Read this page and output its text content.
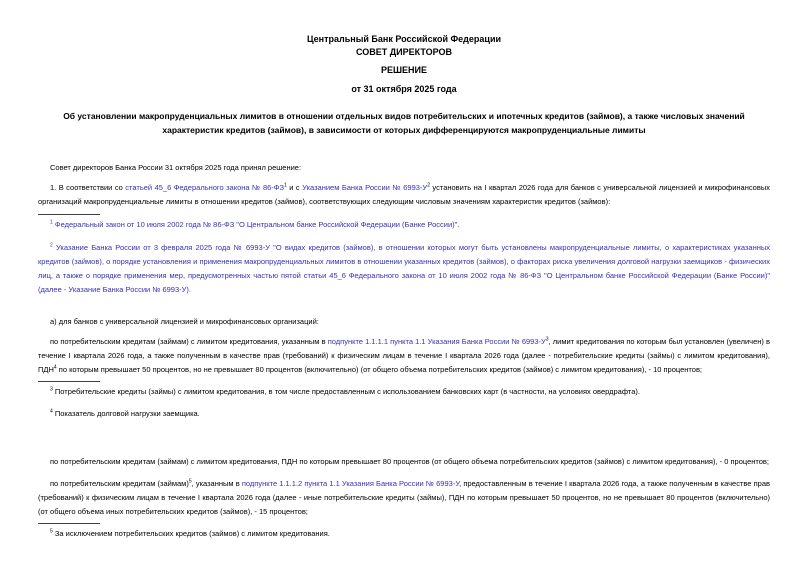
Центральный Банк Российской Федерации
СОВЕТ ДИРЕКТОРОВ
РЕШЕНИЕ
от 31 октября 2025 года
Об установлении макропруденциальных лимитов в отношении отдельных видов потребительских и ипотечных кредитов (займов), а также числовых значений характеристик кредитов (займов), в зависимости от которых дифференцируются макропруденциальные лимиты

Совет директоров Банка России 31 октября 2025 года принял решение:

1. В соответствии со статьей 45_6 Федерального закона № $86-ФЗ^1$ и с Указанием Банка России № $6993-У^2$ установить на I квартал 2026 года для банков с универсальной лицензией и микрофинансовых организаций макропруденциальные лимиты в отношении кредитов (займов), соответствующих следующим числовым значениям характеристик кредитов (займов):

$^1$ Федеральный закон от 10 июля 2002 года № 86-ФЗ "О Центральном банке Российской Федерации (Банке России)".

$^2$ Указание Банка России от 3 февраля 2025 года № 6993-У "О видах кредитов (займов), в отношении которых могут быть установлены макропруденциальные лимиты, о характеристиках указанных кредитов (займов), о порядке установления и применения макропруденциальных лимитов в отношении указанных кредитов (займов), о факторах риска увеличения долговой нагрузки заемщиков - физических лиц, а также о порядке применения мер, предусмотренных частью пятой статьи 45_6 Федерального закона от 10 июля 2002 года № 86-ФЗ "О Центральном банке Российской Федерации (Банке России)"(далее - Указание Банка России № 6993-У).

а) для банков с универсальной лицензией и микрофинансовых организаций:

по потребительским кредитам (займам) с лимитом кредитования, указанным в подпункте 1.1.1.1 пункта 1.1 Указания Банка России № $6993-У^3$, лимит кредитования по которым был установлен (увеличен) в течение I квартала 2026 года, а также полученным в качестве прав (требований) к физическим лицам в течение I квартала 2026 года (далее - потребительские кредиты (займы) с лимитом кредитования), ПДН$^4$ по которым превышает 50 процентов, но не превышает 80 процентов (включительно) (от общего объема потребительских кредитов (займов) с лимитом кредитования), - 10 процентов;

$^3$ Потребительские кредиты (займы) с лимитом кредитования, в том числе предоставленным с использованием банковских карт (в частности, на условиях овердрафта).

$^4$ Показатель долговой нагрузки заемщика.

по потребительским кредитам (займам) с лимитом кредитования, ПДН по которым превышает 80 процентов (от общего объема потребительских кредитов (займов) с лимитом кредитования), - 0 процентов;

по потребительским кредитам (займам)$^5$, указанным в подпункте 1.1.1.2 пункта 1.1 Указания Банка России № 6993-У, предоставленным в течение I квартала 2026 года, а также полученным в качестве прав (требований) к физическим лицам в течение I квартала 2026 года (далее - иные потребительские кредиты (займы), ПДН по которым превышает 50 процентов, но не превышает 80 процентов (включительно) (от общего объема иных потребительских кредитов (займов), - 15 процентов;

$^5$ За исключением потребительских кредитов (займов) с лимитом кредитования.
